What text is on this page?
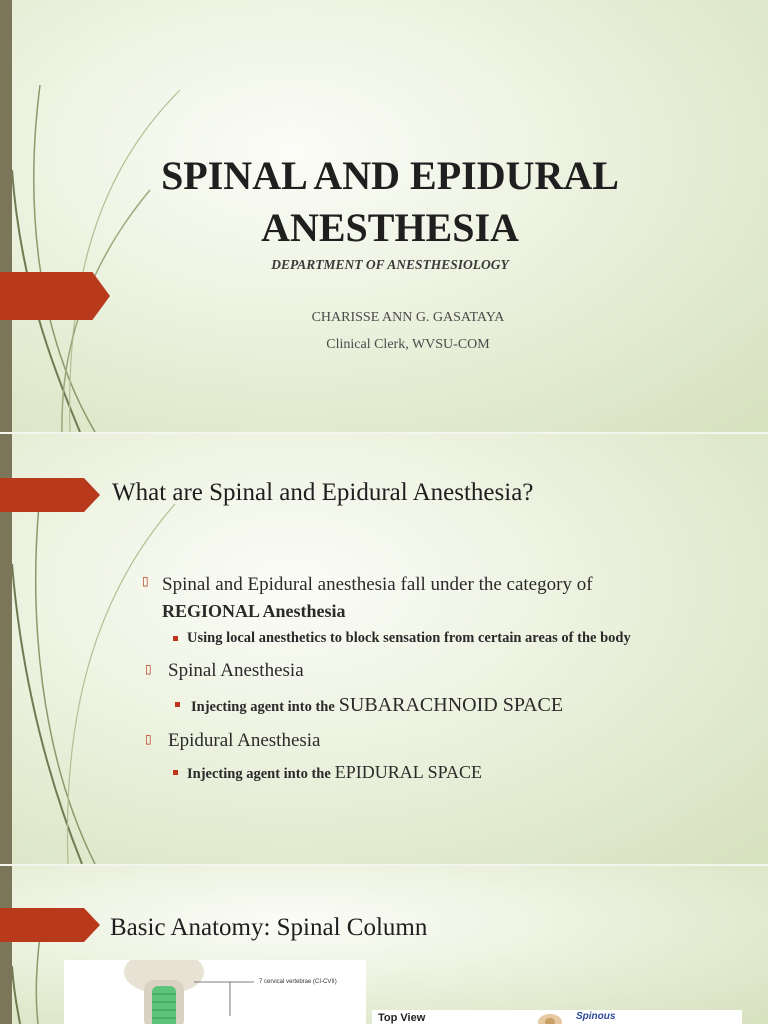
SPINAL AND EPIDURAL
ANESTHESIA
DEPARTMENT OF ANESTHESIOLOGY
CHARISSE ANN G. GASATAYA
Clinical Clerk, WVSU-COM
What are Spinal and Epidural Anesthesia?
▯ Spinal and Epidural anesthesia fall under the category of
REGIONAL Anesthesia
Using local anesthetics to block sensation from certain areas of the body
▯ Spinal Anesthesia
Injecting agent into the SUBARACHNOID SPACE
▯ Epidural Anesthesia
Injecting agent into the EPIDURAL SPACE
Basic Anatomy: Spinal Column
7 cervical vertebrae (CI-CVII)
Top View	Spinous
